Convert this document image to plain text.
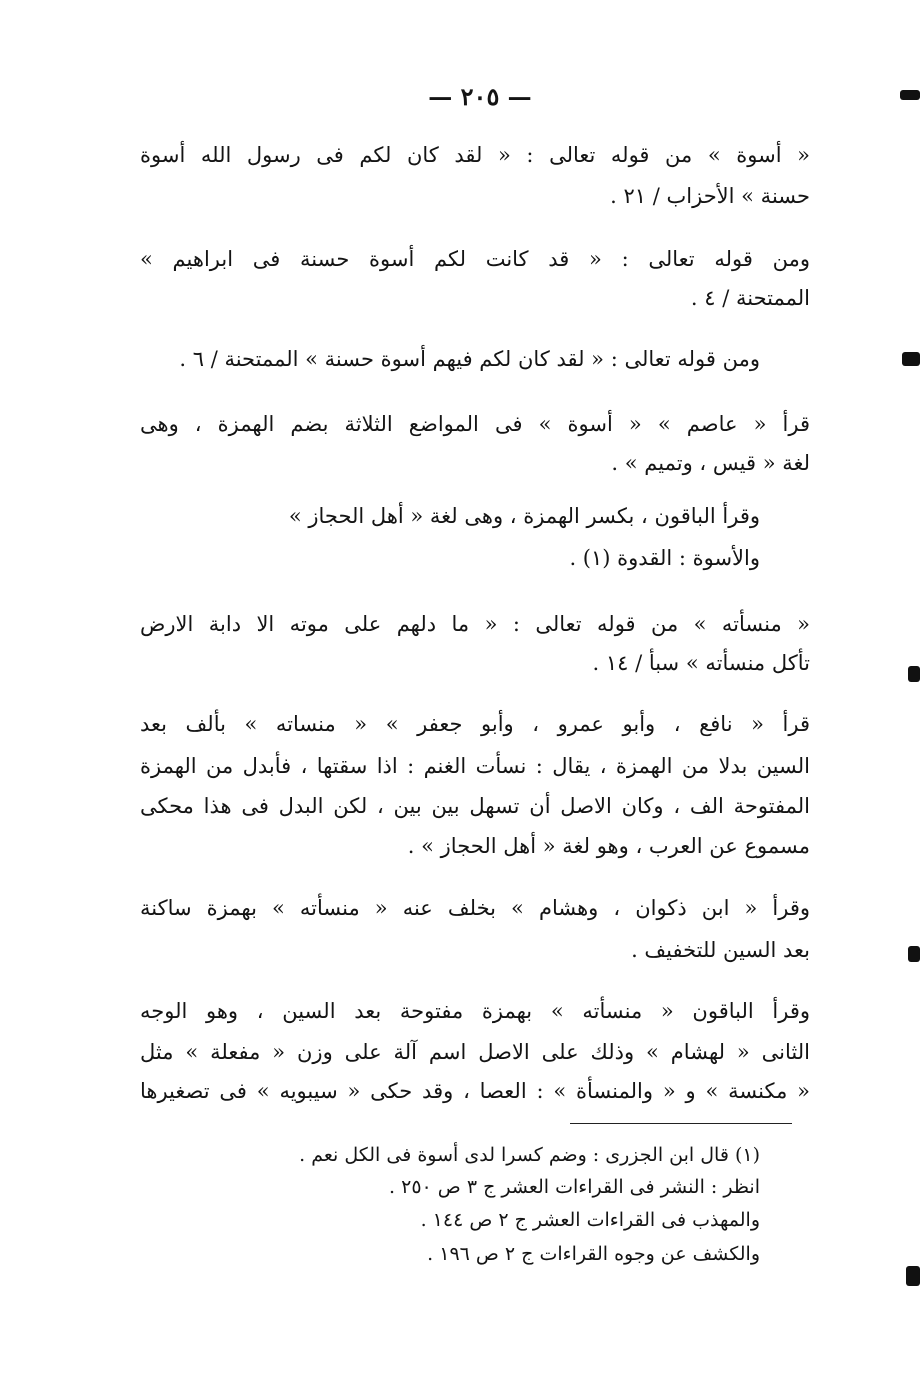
— ٢٠٥ —
« أسوة » من قوله تعالى : « لقد كان لكم فى رسول الله أسوة
حسنة » الأحزاب / ٢١ .
ومن قوله تعالى : « قد كانت لكم أسوة حسنة فى ابراهيم »
الممتحنة / ٤ .
ومن قوله تعالى : « لقد كان لكم فيهم أسوة حسنة » الممتحنة / ٦ .
قرأ « عاصم » « أسوة » فى المواضع الثلاثة بضم الهمزة ، وهى
لغة « قيس ، وتميم » .
وقرأ الباقون ، بكسر الهمزة ، وهى لغة « أهل الحجاز »
والأسوة : القدوة (١) .
« منسأته » من قوله تعالى : « ما دلهم على موته الا دابة الارض
تأكل منسأته » سبأ / ١٤ .
قرأ « نافع ، وأبو عمرو ، وأبو جعفر » « منساته » بألف بعد
السين بدلا من الهمزة ، يقال : نسأت الغنم : اذا سقتها ، فأبدل من الهمزة
المفتوحة الف ، وكان الاصل أن تسهل بين بين ، لكن البدل فى هذا محكى
مسموع عن العرب ، وهو لغة « أهل الحجاز » .
وقرأ « ابن ذكوان ، وهشام » بخلف عنه « منسأته » بهمزة ساكنة
بعد السين للتخفيف .
وقرأ الباقون « منسأته » بهمزة مفتوحة بعد السين ، وهو الوجه
الثانى « لهشام » وذلك على الاصل اسم آلة على وزن « مفعلة » مثل
« مكنسة » و « والمنسأة » : العصا ، وقد حكى « سيبويه » فى تصغيرها
(١) قال ابن الجزرى : وضم كسرا لدى أسوة فى الكل نعم .
انظر : النشر فى القراءات العشر ج ٣ ص ٢٥٠ .
والمهذب فى القراءات العشر ج ٢ ص ١٤٤ .
والكشف عن وجوه القراءات ج ٢ ص ١٩٦ .
